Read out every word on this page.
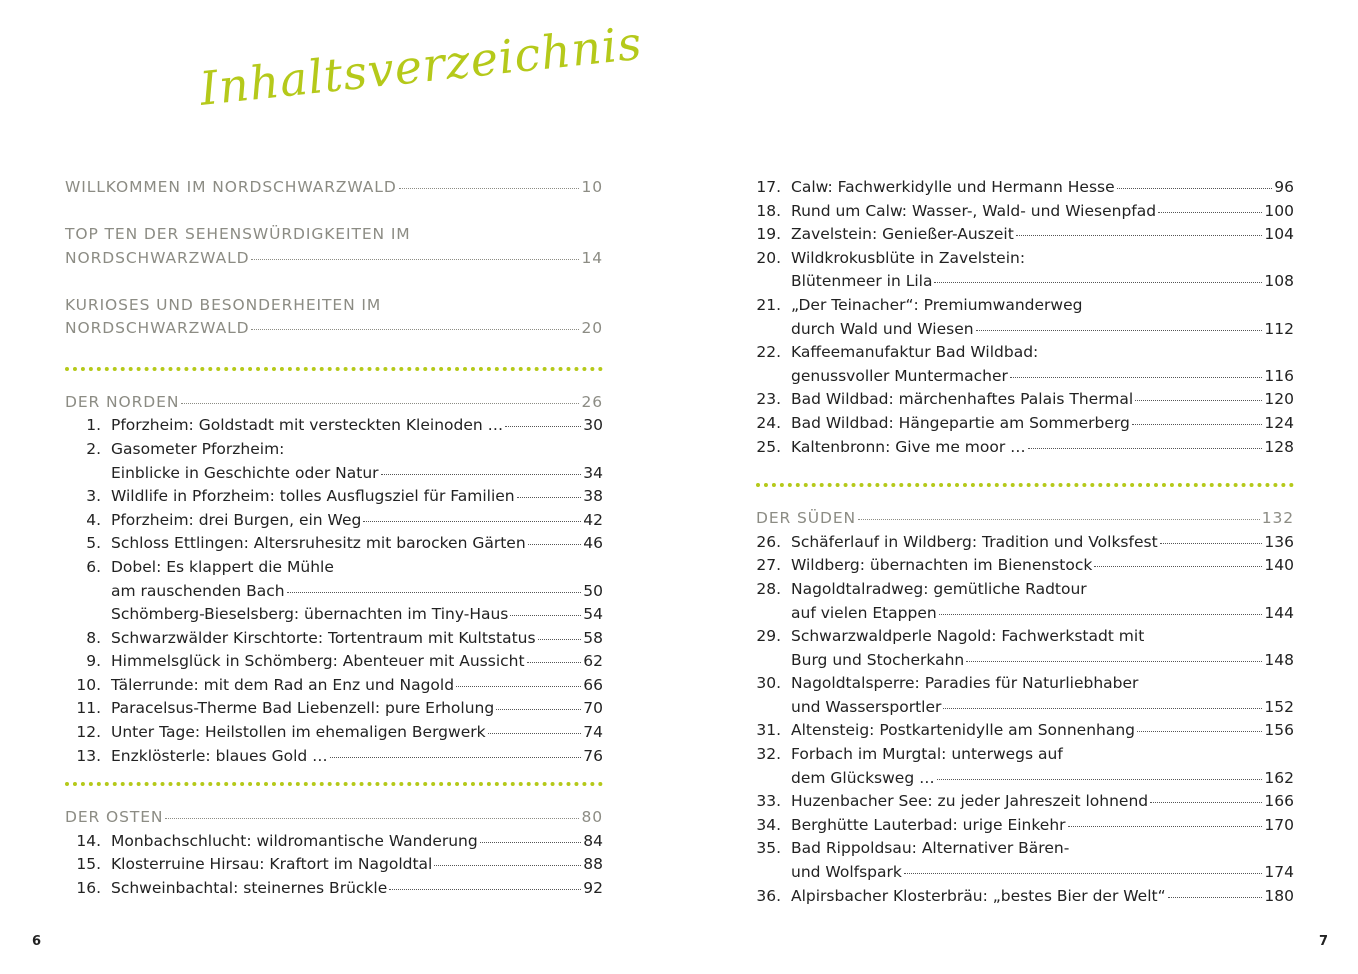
Inhaltsverzeichnis
WILLKOMMEN IM NORDSCHWARZWALD	10
TOP TEN DER SEHENSWÜRDIGKEITEN IM
NORDSCHWARZWALD	14
KURIOSES UND BESONDERHEITEN IM
NORDSCHWARZWALD	20
DER NORDEN	26
1. Pforzheim: Goldstadt mit versteckten Kleinoden …	30
2. Gasometer Pforzheim:
Einblicke in Geschichte oder Natur	34
3. Wildlife in Pforzheim: tolles Ausflugsziel für Familien	38
4. Pforzheim: drei Burgen, ein Weg	42
5. Schloss Ettlingen: Altersruhesitz mit barocken Gärten	46
6. Dobel: Es klappert die Mühle
am rauschenden Bach	50
Schömberg-Bieselsberg: übernachten im Tiny-Haus	54
8. Schwarzwälder Kirschtorte: Tortentraum mit Kultstatus	58
9. Himmelsglück in Schömberg: Abenteuer mit Aussicht	62
10. Tälerrunde: mit dem Rad an Enz und Nagold	66
11. Paracelsus-Therme Bad Liebenzell: pure Erholung	70
12. Unter Tage: Heilstollen im ehemaligen Bergwerk	74
13. Enzklösterle: blaues Gold …	76
DER OSTEN	80
14. Monbachschlucht: wildromantische Wanderung	84
15. Klosterruine Hirsau: Kraftort im Nagoldtal	88
16. Schweinbachtal: steinernes Brückle	92
6
17. Calw: Fachwerkidylle und Hermann Hesse	96
18. Rund um Calw: Wasser-, Wald- und Wiesenpfad	100
19. Zavelstein: Genießer-Auszeit	104
20. Wildkrokusblüte in Zavelstein:
Blütenmeer in Lila	108
21. „Der Teinacher“: Premiumwanderweg
durch Wald und Wiesen	112
22. Kaffeemanufaktur Bad Wildbad:
genussvoller Muntermacher	116
23. Bad Wildbad: märchenhaftes Palais Thermal	120
24. Bad Wildbad: Hängepartie am Sommerberg	124
25. Kaltenbronn: Give me moor …	128
DER SÜDEN	132
26. Schäferlauf in Wildberg: Tradition und Volksfest	136
27. Wildberg: übernachten im Bienenstock	140
28. Nagoldtalradweg: gemütliche Radtour
auf vielen Etappen	144
29. Schwarzwaldperle Nagold: Fachwerkstadt mit
Burg und Stocherkahn	148
30. Nagoldtalsperre: Paradies für Naturliebhaber
und Wassersportler	152
31. Altensteig: Postkartenidylle am Sonnenhang	156
32. Forbach im Murgtal: unterwegs auf
dem Glücksweg …	162
33. Huzenbacher See: zu jeder Jahreszeit lohnend	166
34. Berghütte Lauterbad: urige Einkehr	170
35. Bad Rippoldsau: Alternativer Bären-
und Wolfspark	174
36. Alpirsbacher Klosterbräu: „bestes Bier der Welt“	180
7
